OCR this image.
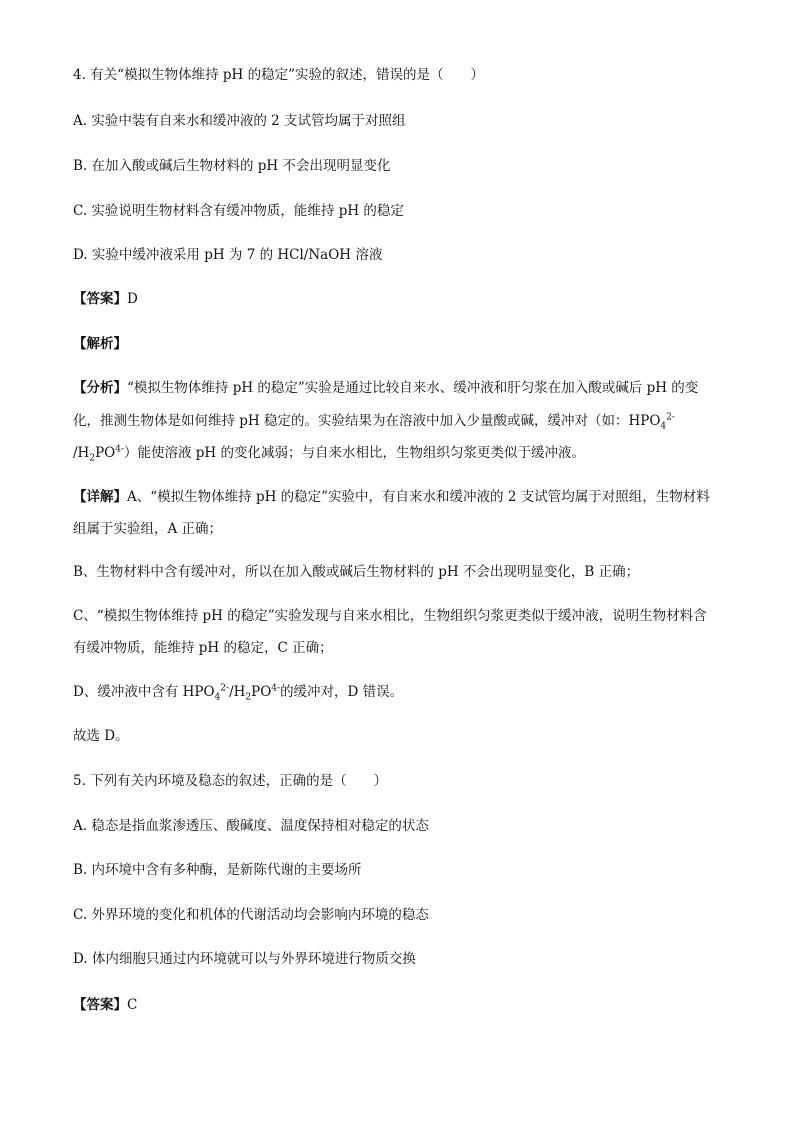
4. 有关“模拟生物体维持 pH 的稳定”实验的叙述，错误的是（　　）
A. 实验中装有自来水和缓冲液的 2 支试管均属于对照组
B. 在加入酸或碱后生物材料的 pH 不会出现明显变化
C. 实验说明生物材料含有缓冲物质，能维持 pH 的稳定
D. 实验中缓冲液采用 pH 为 7 的 HCl/NaOH 溶液
【答案】D
【解析】
【分析】“模拟生物体维持 pH 的稳定”实验是通过比较自来水、缓冲液和肝匀浆在加入酸或碱后 pH 的变
化，推测生物体是如何维持 pH 稳定的。实验结果为在溶液中加入少量酸或碱，缓冲对（如：$HPO_4^{2-}$
$/H_2PO^{4-}$）能使溶液 pH 的变化减弱；与自来水相比，生物组织匀浆更类似于缓冲液。
【详解】A、“模拟生物体维持 pH 的稳定”实验中，有自来水和缓冲液的 2 支试管均属于对照组，生物材料
组属于实验组，A 正确；
B、生物材料中含有缓冲对，所以在加入酸或碱后生物材料的 pH 不会出现明显变化，B 正确；
C、“模拟生物体维持 pH 的稳定”实验发现与自来水相比，生物组织匀浆更类似于缓冲液，说明生物材料含
有缓冲物质，能维持 pH 的稳定，C 正确；
D、缓冲液中含有 $HPO_4^{2-}/H_2PO^{4-}$的缓冲对，D 错误。
故选 D。
5. 下列有关内环境及稳态的叙述，正确的是（　　）
A. 稳态是指血浆渗透压、酸碱度、温度保持相对稳定的状态
B. 内环境中含有多种酶，是新陈代谢的主要场所
C. 外界环境的变化和机体的代谢活动均会影响内环境的稳态
D. 体内细胞只通过内环境就可以与外界环境进行物质交换
【答案】C
